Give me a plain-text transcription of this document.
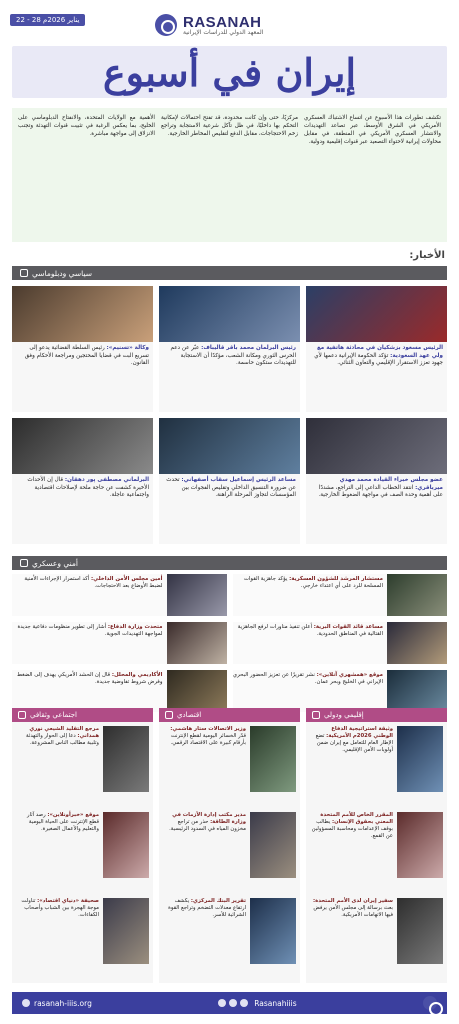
22 - 28 يناير 2026م	RASANAH
المعهد الدولي للدراسات الإيرانية
إيران في أسبوع
تكشف تطورات هذا الأسبوع عن اتساع الاشتباك العسكري الأمريكي في الشرق الأوسط، عبر تصاعد التهديدات والانتشار العسكري الأمريكي في المنطقة، في مقابل محاولات إيرانية لاحتواء التصعيد عبر قنوات إقليمية ودولية.
مركزيًا، حتى وإن كانت محدودة، قد تفتح احتمالات لإمكانية التحكم بها داخليًا، في ظل تآكل شرعية الاستجابة وتراجع زخم الاحتجاجات، مقابل الدفع لتقليص المخاطر الخارجية.
الأهمية مع الولايات المتحدة، والانفتاح الدبلوماسي على الخليج، بما يعكس الرغبة في تثبيت قنوات التهدئة وتجنب الانزلاق إلى مواجهة مباشرة.
الأخبار:
سياسي ودبلوماسي
الرئيس مسعود بزشكيان في محادثة هاتفية مع ولي عهد السعودية: تؤكد الحكومة الإيرانية دعمها لأي جهود تعزز الاستقرار الإقليمي والتعاون الثنائي.
رئيس البرلمان محمد باقر قاليباف: عبّر عن دعم الحرس الثوري ومكانة الشعب، مؤكدًا أن الاستجابة للتهديدات ستكون حاسمة.
وكالة «تسنيم»: رئيس السلطة القضائية يدعو إلى تسريع البت في قضايا المحتجين ومراجعة الأحكام وفق القانون.
عضو مجلس خبراء القيادة محمد مهدي ميرباقري: انتقد الخطاب الداعي إلى التراجع، مشددًا على أهمية وحدة الصف في مواجهة الضغوط الخارجية.
مساعد الرئيس إسماعيل سقاب أصفهاني: تحدث عن ضرورة التنسيق الداخلي وتقليص الفجوات بين المؤسسات لتجاوز المرحلة الراهنة.
البرلماني مصطفى پور دهقان: قال إن الأحداث الأخيرة كشفت عن حاجة ملحة لإصلاحات اقتصادية واجتماعية عاجلة.
أمني وعسكري
مستشار المرشد للشؤون العسكرية: يؤكد جاهزية القوات المسلحة للرد على أي اعتداء خارجي.
أمين مجلس الأمن الداخلي: أكد استمرار الإجراءات الأمنية لضبط الأوضاع بعد الاحتجاجات.
مساعد قائد القوات البرية: أعلن تنفيذ مناورات لرفع الجاهزية القتالية في المناطق الحدودية.
متحدث وزارة الدفاع: أشار إلى تطوير منظومات دفاعية جديدة لمواجهة التهديدات الجوية.
موقع «همشهري آنلاين»: نشر تقريرًا عن تعزيز الحضور البحري الإيراني في الخليج وبحر عمان.
الأكاديمي والمحلل: قال إن الحشد الأمريكي يهدف إلى الضغط وفرض شروط تفاوضية جديدة.
إقليمي ودولي
وثيقة استراتيجية الدفاع الوطني 2026م الأمريكية: تضع الإطار العام للتعامل مع إيران ضمن أولويات الأمن الإقليمي.
المقرر الخاص للأمم المتحدة المعني بحقوق الإنسان: يطالب بوقف الإعدامات ومحاسبة المسؤولين عن القمع.
سفير إيران لدى الأمم المتحدة: بعث برسالة إلى مجلس الأمن يرفض فيها الاتهامات الأمريكية.
اقتصادي
وزير الاتصالات ستار هاشمي: قدّر الخسائر اليومية لقطع الإنترنت بأرقام كبيرة على الاقتصاد الرقمي.
مدير مكتب إدارة الأزمات في وزارة الطاقة: حذر من تراجع مخزون المياه في السدود الرئيسية.
تقرير البنك المركزي: يكشف ارتفاع معدلات التضخم وتراجع القوة الشرائية للأسر.
اجتماعي وثقافي
مرجع التقليد الشيعي نوري همداني: دعا إلى الحوار والتهدئة وتلبية مطالب الناس المشروعة.
موقع «خبرأونلاين»: رصد آثار قطع الإنترنت على الحياة اليومية والتعليم والأعمال الصغيرة.
صحيفة «دنياي اقتصاد»: تناولت موجة الهجرة بين الشباب وأصحاب الكفاءات.
rasanah-iiis.org	Rasanahiiis
